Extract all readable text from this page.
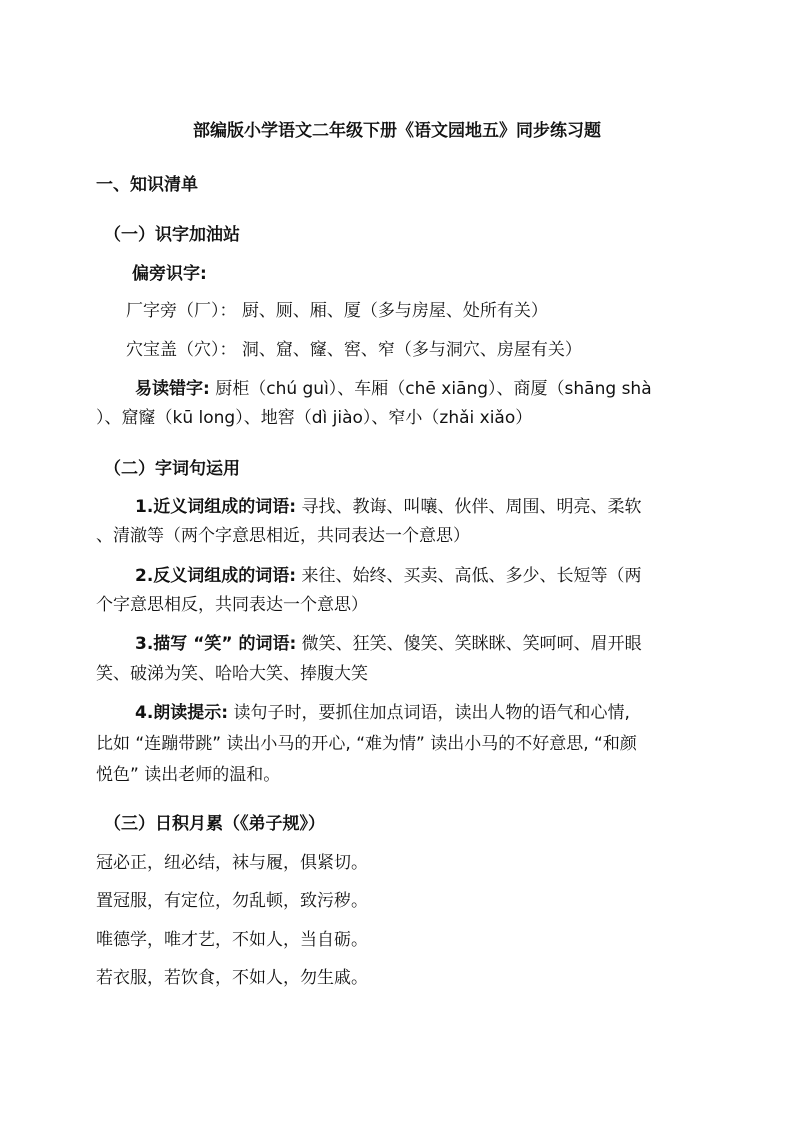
部编版小学语文二年级下册《语文园地五》同步练习题
一、知识清单
（一）识字加油站
偏旁识字:
厂字旁（厂）： 厨、厕、厢、厦（多与房屋、处所有关）
穴宝盖（穴）： 洞、窟、窿、窖、窄（多与洞穴、房屋有关）
易读错字: 厨柜（chú guì）、车厢（chē xiāng）、商厦（shāng shà
）、窟窿（kū long）、地窖（dì jiào）、窄小（zhǎi xiǎo）
（二）字词句运用
1.近义词组成的词语: 寻找、教诲、叫嚷、伙伴、周围、明亮、柔软
、清澈等（两个字意思相近，共同表达一个意思）
2.反义词组成的词语: 来往、始终、买卖、高低、多少、长短等（两
个字意思相反，共同表达一个意思）
3.描写 “笑” 的词语: 微笑、狂笑、傻笑、笑眯眯、笑呵呵、眉开眼
笑、破涕为笑、哈哈大笑、捧腹大笑
4.朗读提示: 读句子时，要抓住加点词语，读出人物的语气和心情,
比如 “连蹦带跳” 读出小马的开心, “难为情” 读出小马的不好意思, “和颜
悦色” 读出老师的温和。
（三）日积月累（《弟子规》）
冠必正，纽必结，袜与履，俱紧切。
置冠服，有定位，勿乱顿，致污秽。
唯德学，唯才艺，不如人，当自砺。
若衣服，若饮食，不如人，勿生戚。
